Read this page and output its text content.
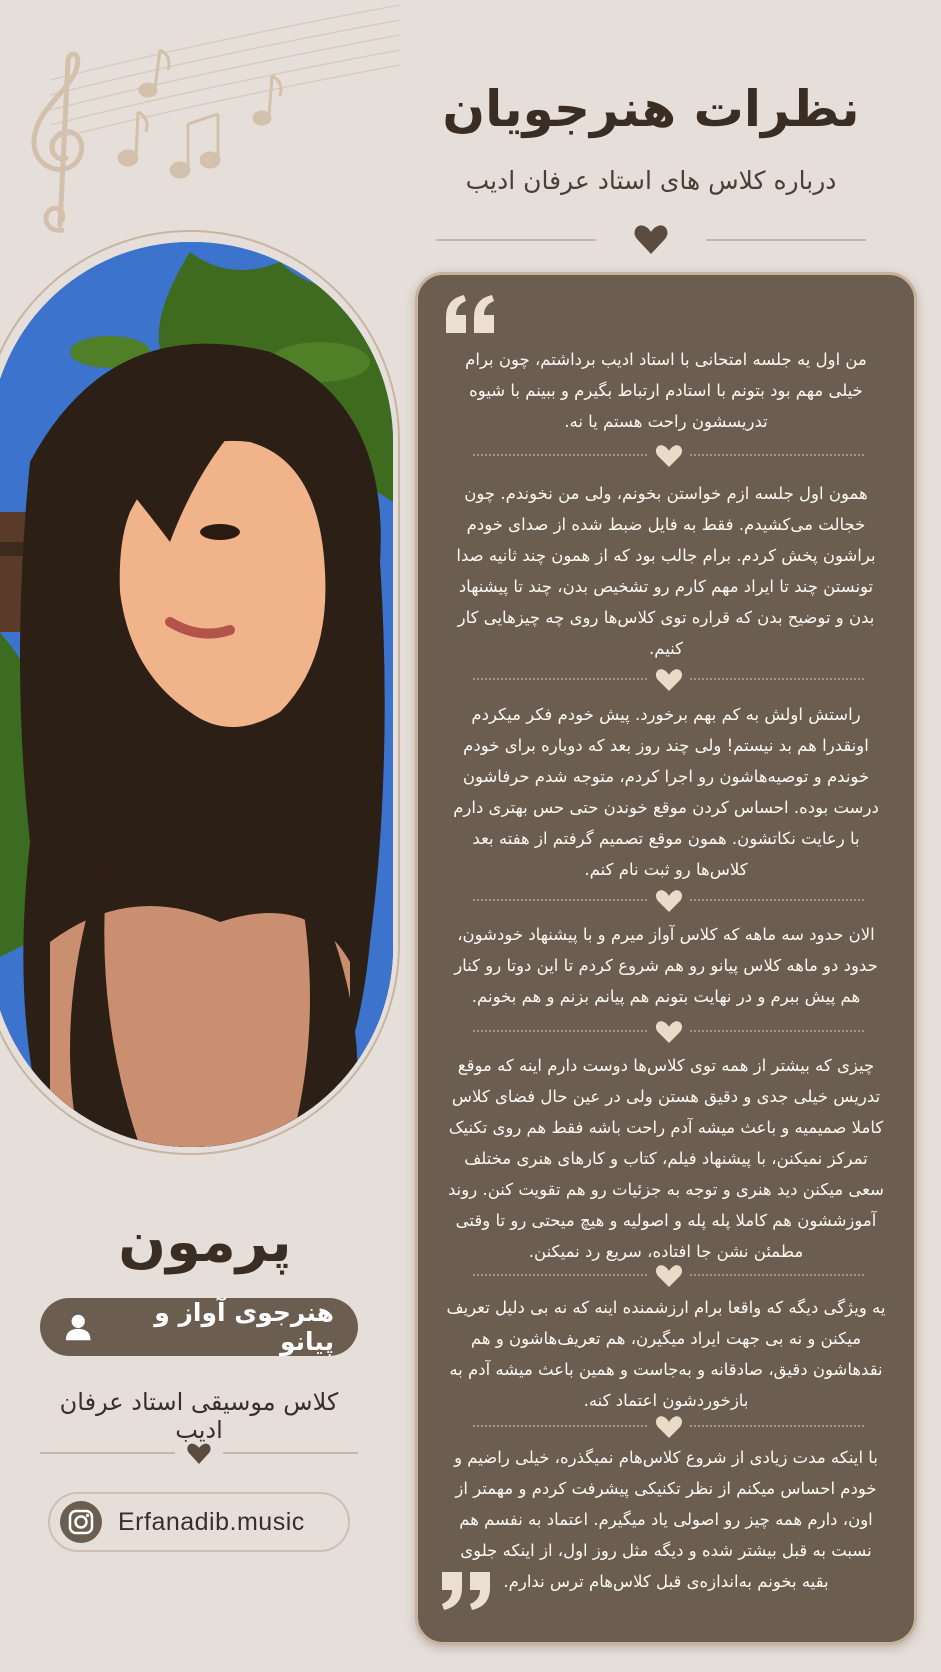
نظرات هنرجویان
درباره کلاس های استاد عرفان ادیب
پرمون
هنرجوی آواز و پیانو
کلاس موسیقی استاد عرفان ادیب
Erfanadib.music
من اول یه جلسه امتحانی با استاد ادیب برداشتم، چون برام خیلی مهم بود بتونم با استادم ارتباط بگیرم و ببینم با شیوه تدریسشون راحت هستم یا نه.
همون اول جلسه ازم خواستن بخونم، ولی من نخوندم. چون خجالت می‌کشیدم. فقط به فایل ضبط شده از صدای خودم براشون پخش کردم. برام جالب بود که از همون چند ثانیه صدا تونستن چند تا ایراد مهم کارم رو تشخیص بدن، چند تا پیشنهاد بدن و توضیح بدن که قراره توی کلاس‌ها روی چه چیزهایی کار کنیم.
راستش اولش به کم بهم برخورد. پیش خودم فکر میکردم اونقدرا هم بد نیستم! ولی چند روز بعد که دوباره برای خودم خوندم و توصیه‌هاشون رو اجرا کردم، متوجه شدم حرفاشون درست بوده. احساس کردن موقع خوندن حتی حس بهتری دارم با رعایت نکاتشون. همون موقع تصمیم گرفتم از هفته بعد کلاس‌ها رو ثبت نام کنم.
الان حدود سه ماهه که کلاس آواز میرم و با پیشنهاد خودشون، حدود دو ماهه کلاس پیانو رو هم شروع کردم تا این دوتا رو کنار هم پیش ببرم و در نهایت بتونم هم پیانم بزنم و هم بخونم.
چیزی که بیشتر از همه توی کلاس‌ها دوست دارم اینه که موقع تدریس خیلی جدی و دقیق هستن ولی در عین حال فضای کلاس کاملا صمیمیه و باعث میشه آدم راحت باشه فقط هم روی تکنیک تمرکز نمیکنن، با پیشنهاد فیلم، کتاب و کارهای هنری مختلف سعی میکنن دید هنری و توجه به جزئیات رو هم تقویت کنن. روند آموزششون هم کاملا پله پله و اصولیه و هیچ میحتی رو تا وقتی مطمئن نشن جا افتاده، سریع رد نمیکنن.
یه ویژگی دیگه که واقعا برام ارزشمنده اینه که نه بی دلیل تعریف میکنن و نه بی جهت ایراد میگیرن، هم تعریف‌هاشون و هم نقدهاشون دقیق، صادقانه و به‌جاست و همین باعث میشه آدم به بازخوردشون اعتماد کنه.
با اینکه مدت زیادی از شروع کلاس‌هام نمیگذره، خیلی راضیم و خودم احساس میکنم از نظر تکنیکی پیشرفت کردم و مهمتر از اون، دارم همه چیز رو اصولی یاد میگیرم. اعتماد به نفسم هم نسبت به قبل بیشتر شده و دیگه مثل روز اول، از اینکه جلوی بقیه بخونم به‌اندازه‌ی قبل کلاس‌هام ترس ندارم.
